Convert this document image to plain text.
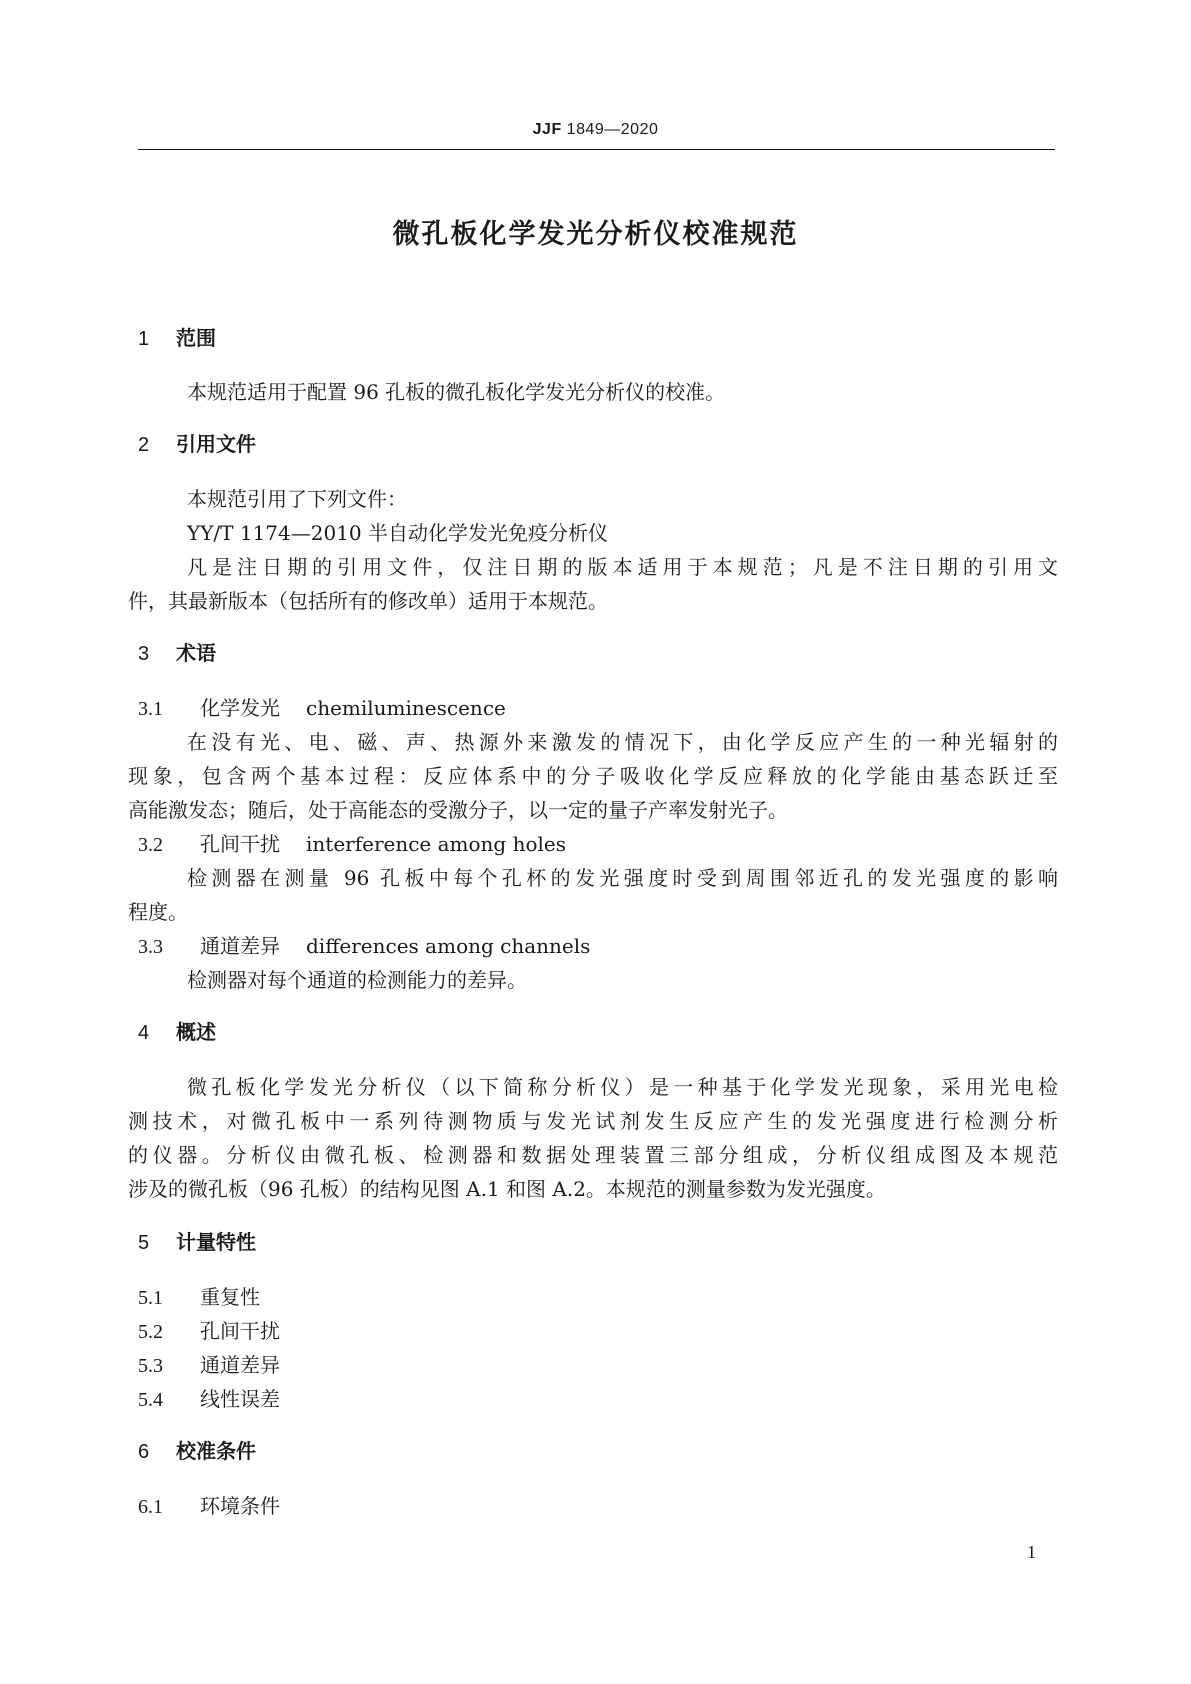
JJF 1849—2020
微孔板化学发光分析仪校准规范
1 范围
本规范适用于配置 96 孔板的微孔板化学发光分析仪的校准。
2 引用文件
本规范引用了下列文件：
YY/T 1174—2010 半自动化学发光免疫分析仪
凡是注日期的引用文件，仅注日期的版本适用于本规范；凡是不注日期的引用文
件，其最新版本（包括所有的修改单）适用于本规范。
3 术语
3.1 化学发光 chemiluminescence
在没有光、电、磁、声、热源外来激发的情况下，由化学反应产生的一种光辐射的
现象，包含两个基本过程：反应体系中的分子吸收化学反应释放的化学能由基态跃迁至
高能激发态；随后，处于高能态的受激分子，以一定的量子产率发射光子。
3.2 孔间干扰 interference among holes
检测器在测量 96 孔板中每个孔杯的发光强度时受到周围邻近孔的发光强度的影响
程度。
3.3 通道差异 differences among channels
检测器对每个通道的检测能力的差异。
4 概述
微孔板化学发光分析仪（以下简称分析仪）是一种基于化学发光现象，采用光电检
测技术，对微孔板中一系列待测物质与发光试剂发生反应产生的发光强度进行检测分析
的仪器。分析仪由微孔板、检测器和数据处理装置三部分组成，分析仪组成图及本规范
涉及的微孔板（96 孔板）的结构见图 A.1 和图 A.2。本规范的测量参数为发光强度。
5 计量特性
5.1 重复性
5.2 孔间干扰
5.3 通道差异
5.4 线性误差
6 校准条件
6.1 环境条件
1
